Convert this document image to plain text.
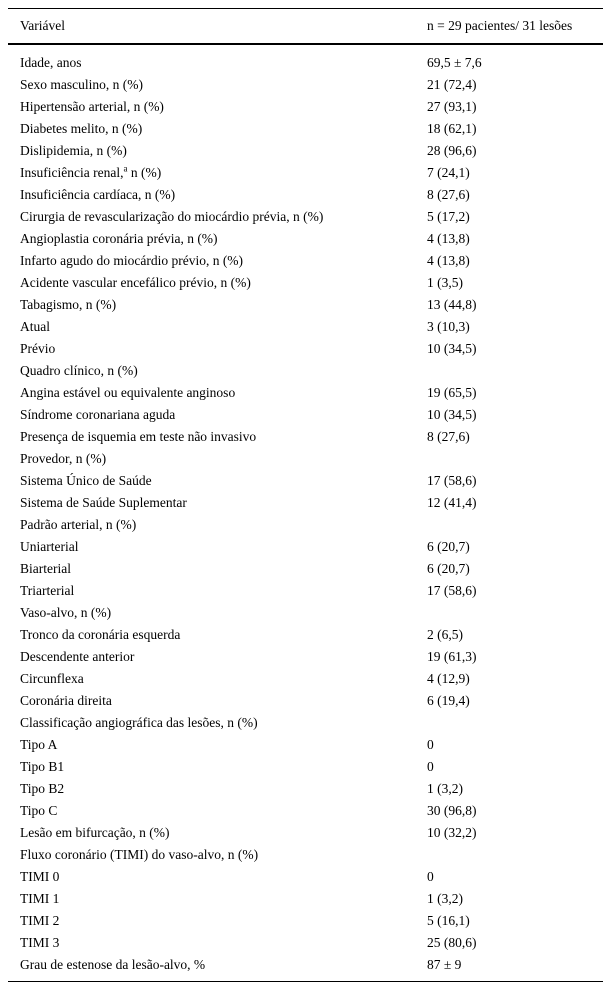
Variável	n = 29 pacientes/ 31 lesões
Idade, anos	69,5 ± 7,6
Sexo masculino, n (%)	21 (72,4)
Hipertensão arterial, n (%)	27 (93,1)
Diabetes melito, n (%)	18 (62,1)
Dislipidemia, n (%)	28 (96,6)
Insuficiência renal,$^a$ n (%)	7 (24,1)
Insuficiência cardíaca, n (%)	8 (27,6)
Cirurgia de revascularização do miocárdio prévia, n (%)	5 (17,2)
Angioplastia coronária prévia, n (%)	4 (13,8)
Infarto agudo do miocárdio prévio, n (%)	4 (13,8)
Acidente vascular encefálico prévio, n (%)	1 (3,5)
Tabagismo, n (%)	13 (44,8)
Atual	3 (10,3)
Prévio	10 (34,5)
Quadro clínico, n (%)	
Angina estável ou equivalente anginoso	19 (65,5)
Síndrome coronariana aguda	10 (34,5)
Presença de isquemia em teste não invasivo	8 (27,6)
Provedor, n (%)	
Sistema Único de Saúde	17 (58,6)
Sistema de Saúde Suplementar	12 (41,4)
Padrão arterial, n (%)	
Uniarterial	6 (20,7)
Biarterial	6 (20,7)
Triarterial	17 (58,6)
Vaso-alvo, n (%)	
Tronco da coronária esquerda	2 (6,5)
Descendente anterior	19 (61,3)
Circunflexa	4 (12,9)
Coronária direita	6 (19,4)
Classificação angiográfica das lesões, n (%)	
Tipo A	0
Tipo B1	0
Tipo B2	1 (3,2)
Tipo C	30 (96,8)
Lesão em bifurcação, n (%)	10 (32,2)
Fluxo coronário (TIMI) do vaso-alvo, n (%)	
TIMI 0	0
TIMI 1	1 (3,2)
TIMI 2	5 (16,1)
TIMI 3	25 (80,6)
Grau de estenose da lesão-alvo, %	87 ± 9
